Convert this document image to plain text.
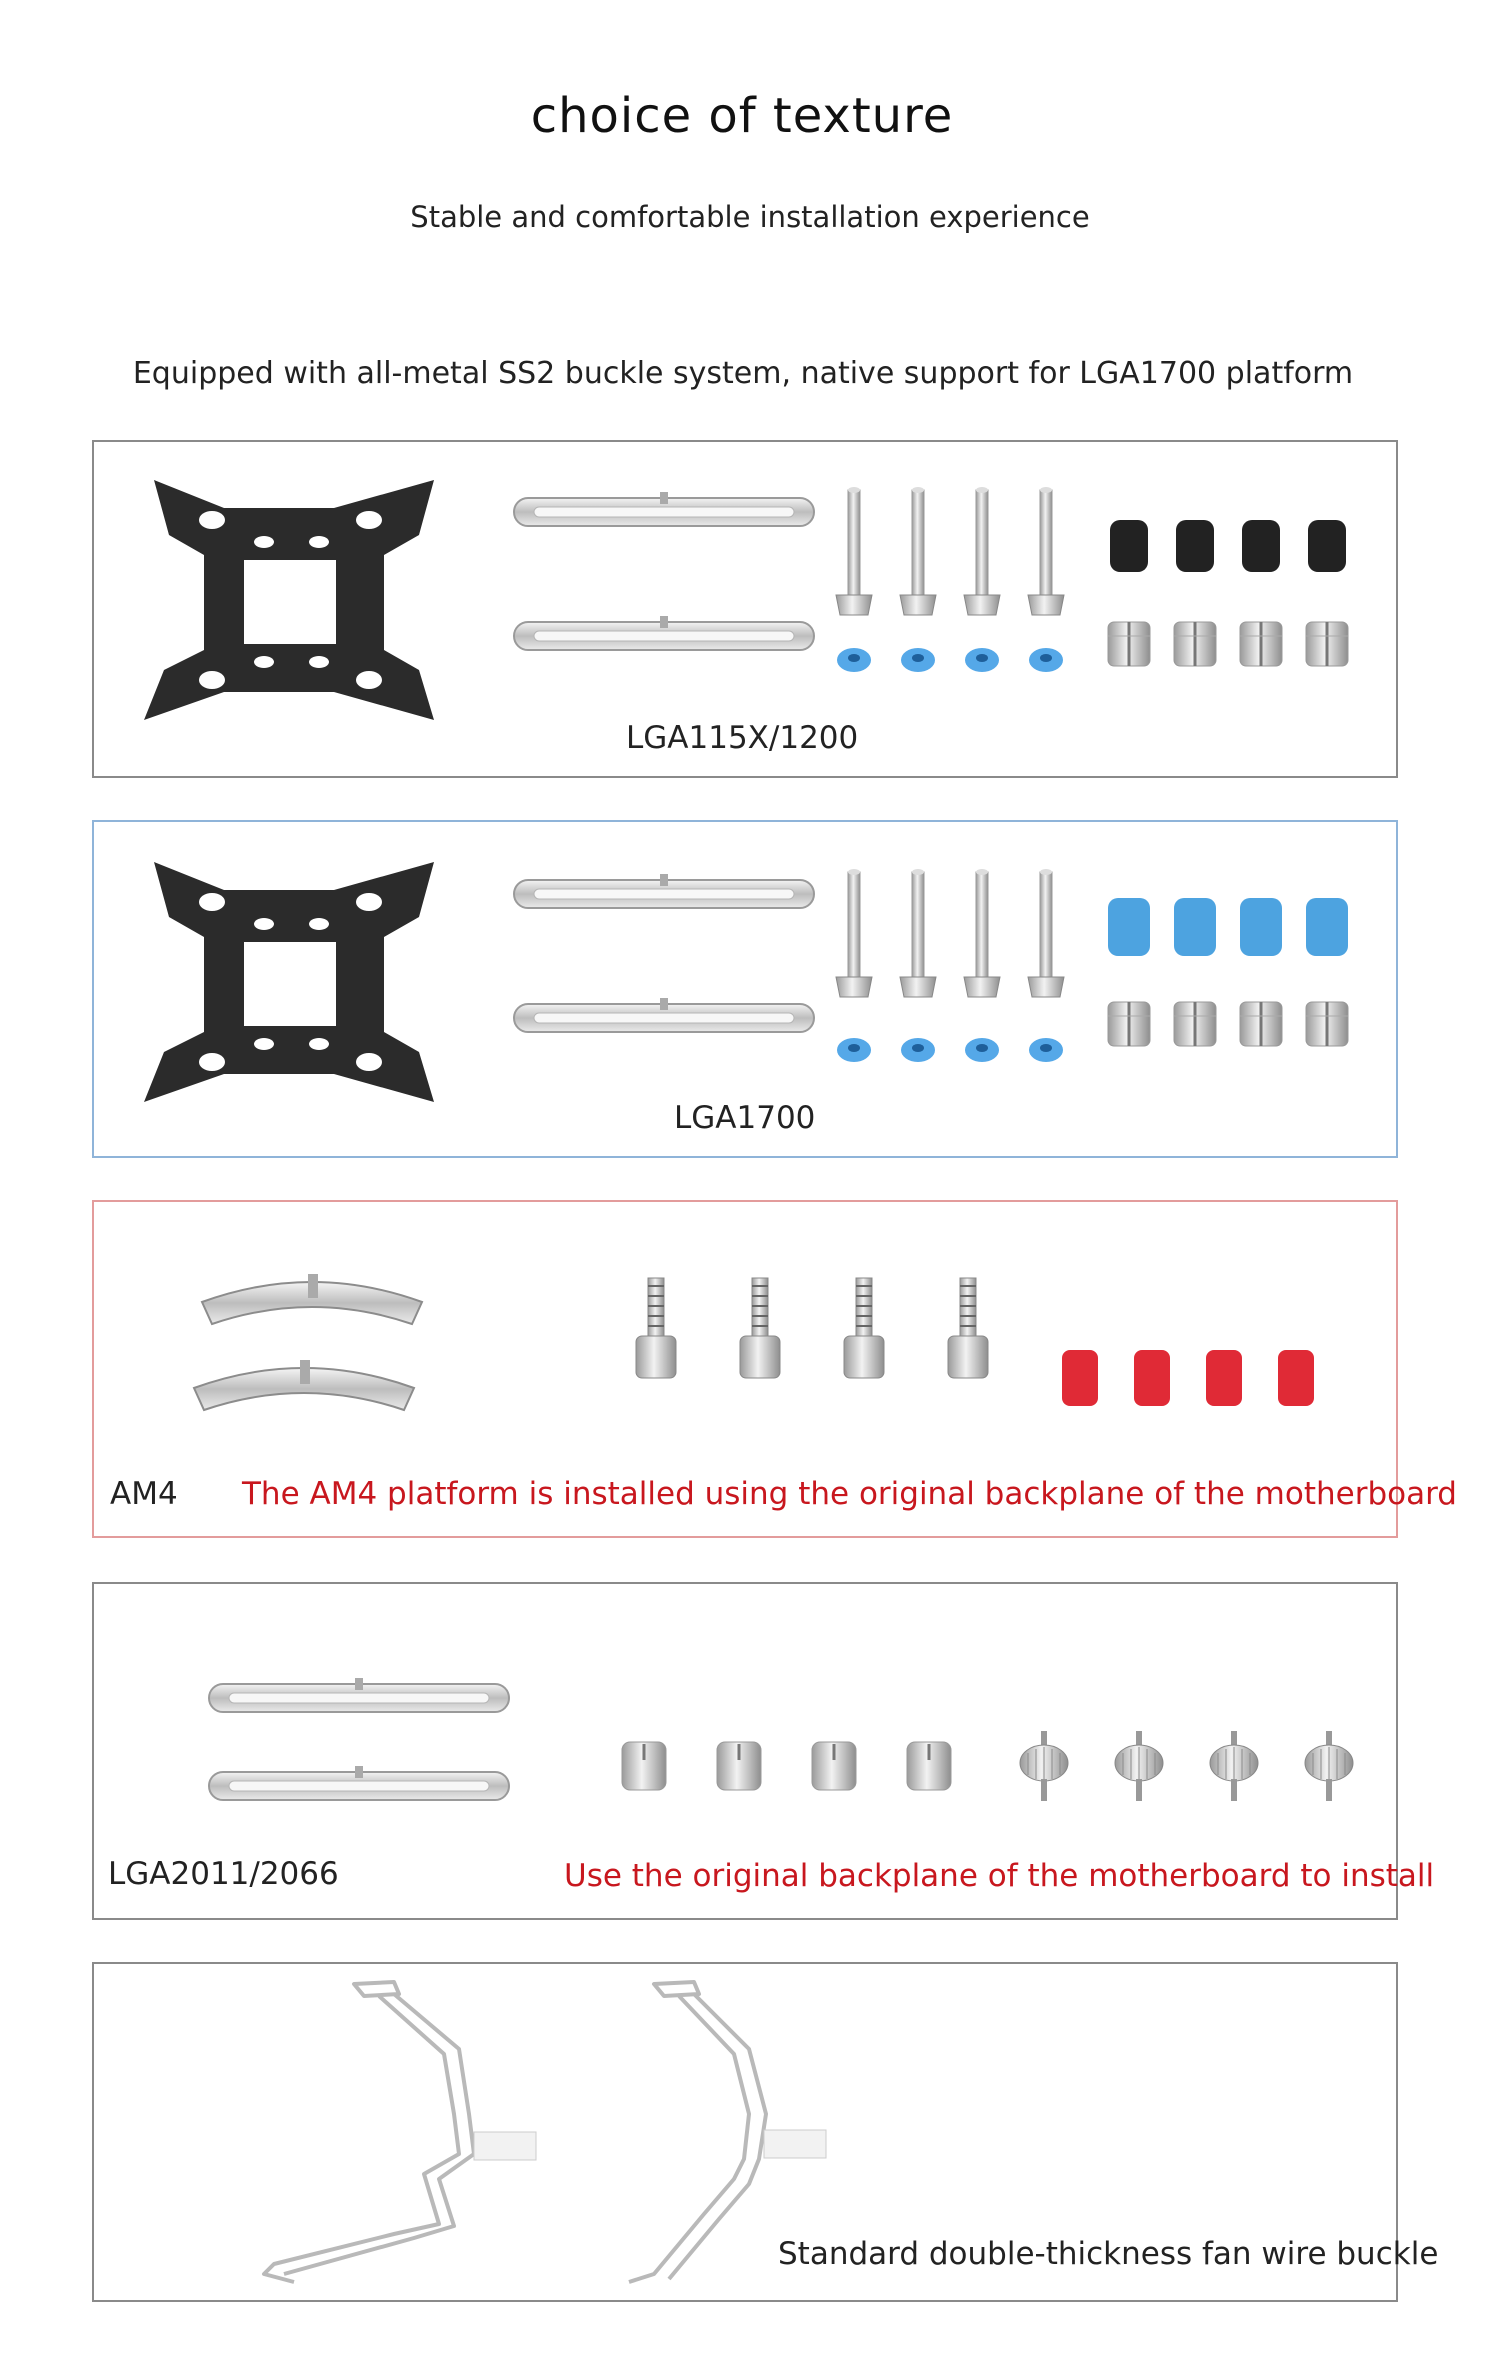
choice of texture
Stable and comfortable installation experience
Equipped with all-metal SS2 buckle system, native support for LGA1700 platform
LGA115X/1200
LGA1700
AM4 The AM4 platform is installed using the original backplane of the motherboard
LGA2011/2066	Use the original backplane of the motherboard to install
Standard double-thickness fan wire buckle
